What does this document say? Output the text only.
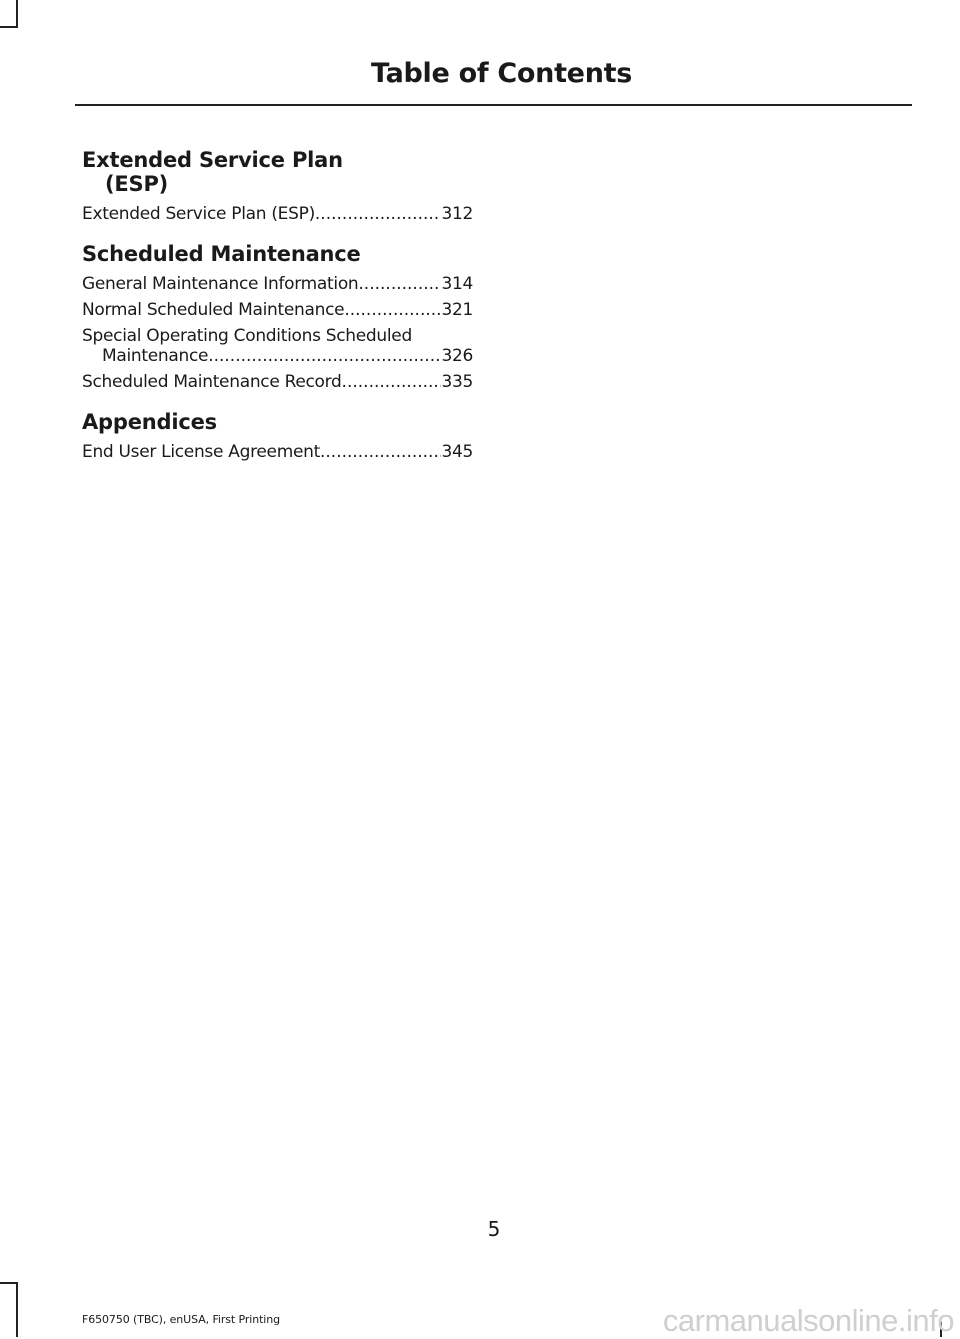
Table of Contents
Extended Service Plan
(ESP)
Extended Service Plan (ESP) .....	312
Scheduled Maintenance
General Maintenance Information .....	314
Normal Scheduled Maintenance .....	321
Special Operating Conditions Scheduled
Maintenance .....	326
Scheduled Maintenance Record .....	335
Appendices
End User License Agreement .....	345
5
F650750 (TBC), enUSA, First Printing	carmanualsonline.info
